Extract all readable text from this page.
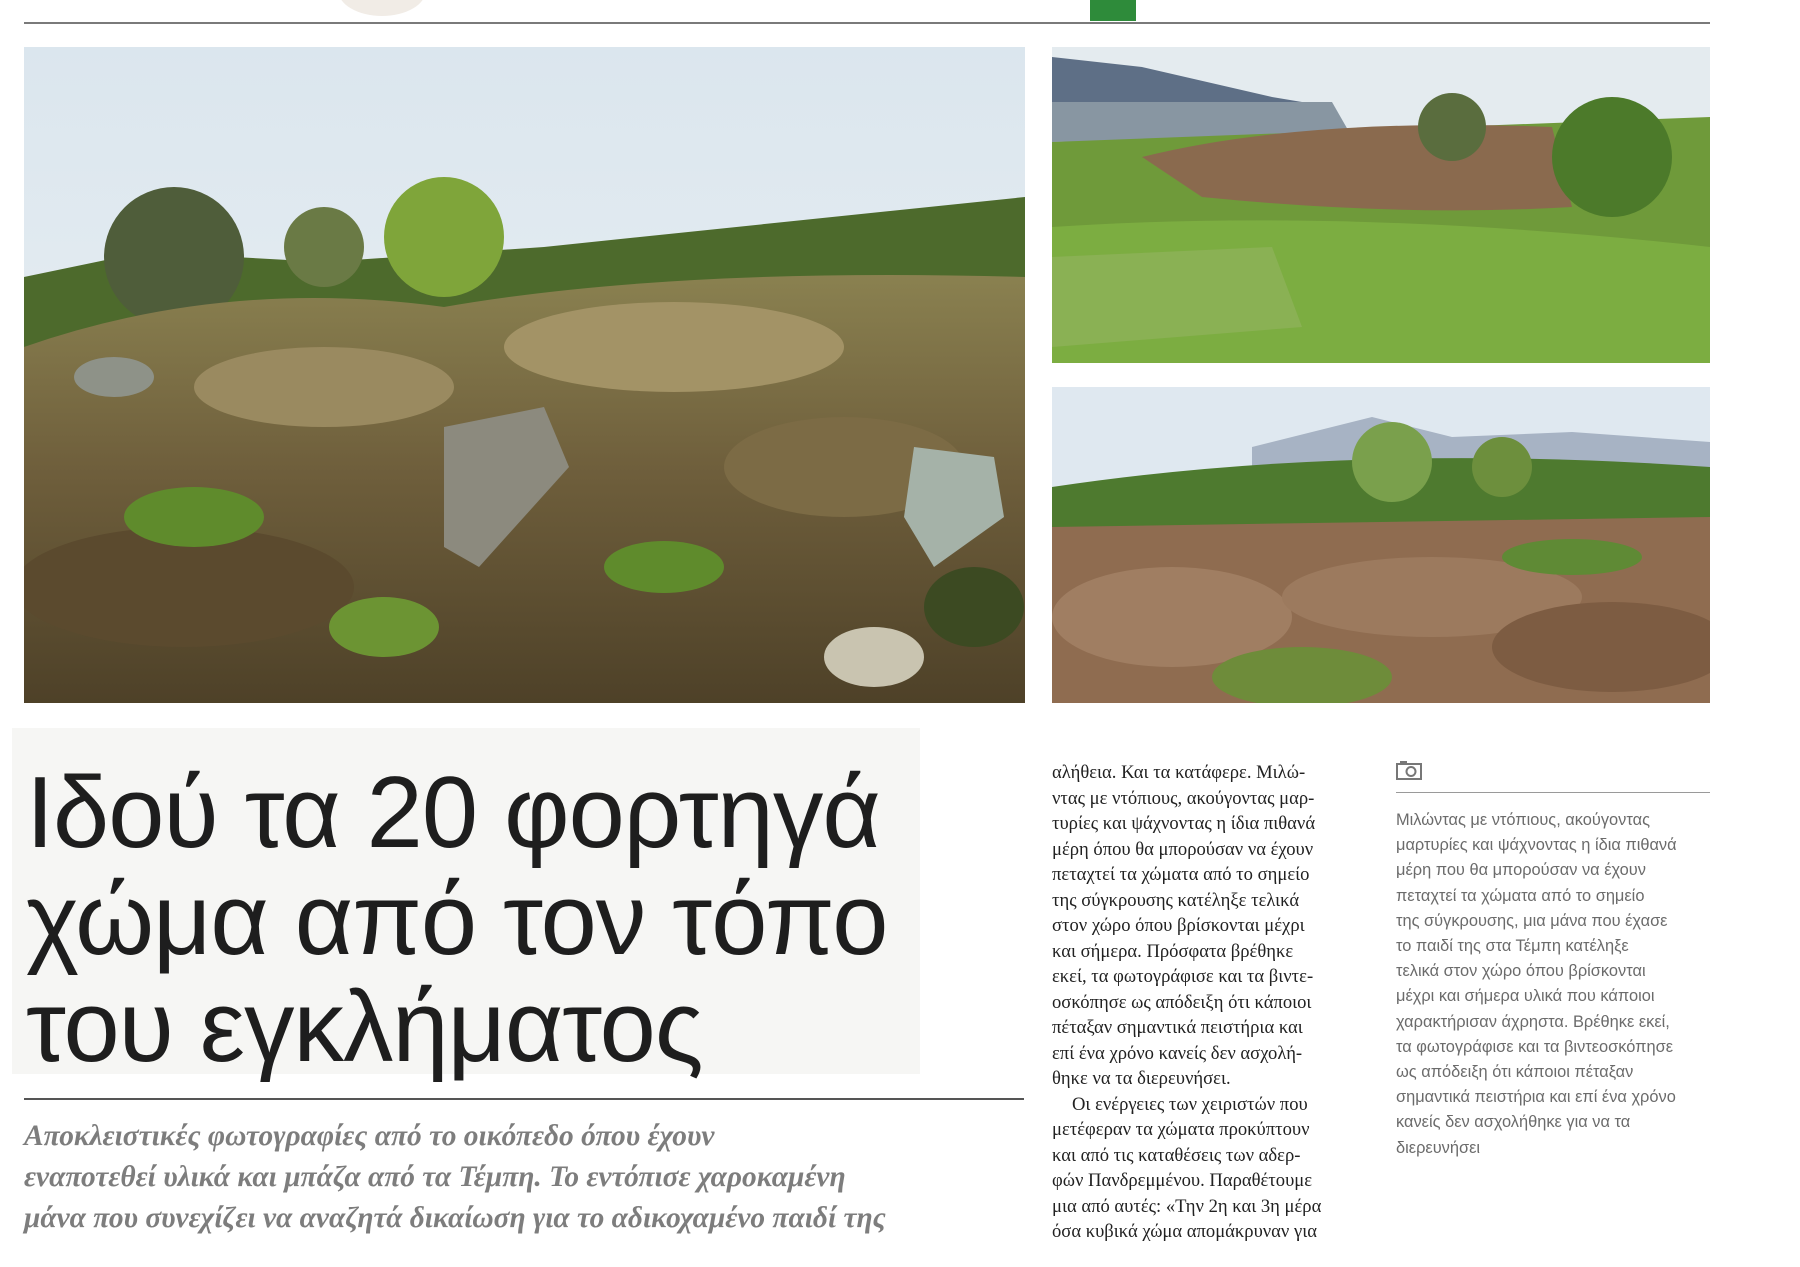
Ιδού τα 20 φορτηγά
χώμα από τον τόπο
του εγκλήματος

Αποκλειστικές φωτογραφίες από το οικόπεδο όπου έχουν
εναποτεθεί υλικά και μπάζα από τα Τέμπη. Το εντόπισε χαροκαμένη
μάνα που συνεχίζει να αναζητά δικαίωση για το αδικοχαμένο παιδί της

αλήθεια. Και τα κατάφερε. Μιλώ-
ντας με ντόπιους, ακούγοντας μαρ-
τυρίες και ψάχνοντας η ίδια πιθανά
μέρη όπου θα μπορούσαν να έχουν
πεταχτεί τα χώματα από το σημείο
της σύγκρουσης κατέληξε τελικά
στον χώρο όπου βρίσκονται μέχρι
και σήμερα. Πρόσφατα βρέθηκε
εκεί, τα φωτογράφισε και τα βιντε-
οσκόπησε ως απόδειξη ότι κάποιοι
πέταξαν σημαντικά πειστήρια και
επί ένα χρόνο κανείς δεν ασχολή-
θηκε να τα διερευνήσει.
Οι ενέργειες των χειριστών που
μετέφεραν τα χώματα προκύπτουν
και από τις καταθέσεις των αδερ-
φών Πανδρεμμένου. Παραθέτουμε
μια από αυτές: «Την 2η και 3η μέρα
όσα κυβικά χώμα απομάκρυναν για
Μιλώντας με ντόπιους, ακούγοντας
μαρτυρίες και ψάχνοντας η ίδια πιθανά
μέρη που θα μπορούσαν να έχουν
πεταχτεί τα χώματα από το σημείο
της σύγκρουσης, μια μάνα που έχασε
το παιδί της στα Τέμπη κατέληξε
τελικά στον χώρο όπου βρίσκονται
μέχρι και σήμερα υλικά που κάποιοι
χαρακτήρισαν άχρηστα. Βρέθηκε εκεί,
τα φωτογράφισε και τα βιντεοσκόπησε
ως απόδειξη ότι κάποιοι πέταξαν
σημαντικά πειστήρια και επί ένα χρόνο
κανείς δεν ασχολήθηκε για να τα
διερευνήσει
